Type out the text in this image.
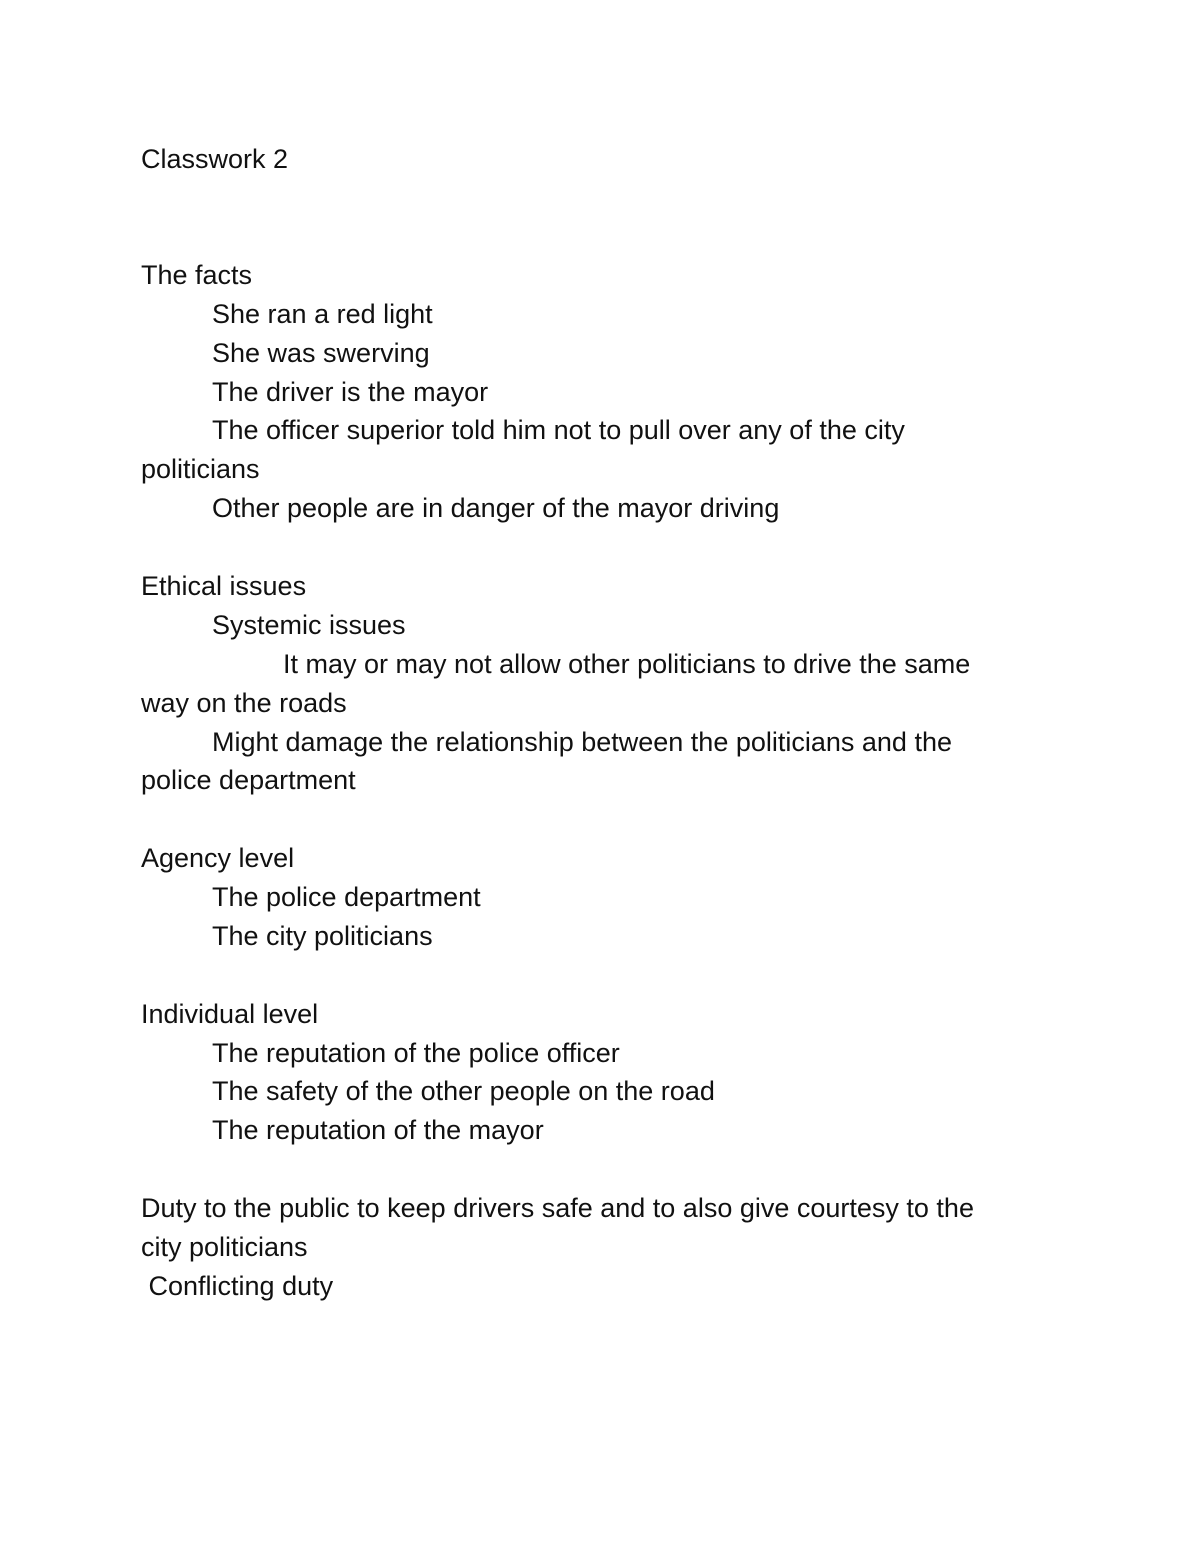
Classwork 2
The facts
She ran a red light
She was swerving
The driver is the mayor
The officer superior told him not to pull over any of the city
politicians
Other people are in danger of the mayor driving
Ethical issues
Systemic issues
It may or may not allow other politicians to drive the same
way on the roads
Might damage the relationship between the politicians and the
police department
Agency level
The police department
The city politicians
Individual level
The reputation of the police officer
The safety of the other people on the road
The reputation of the mayor
Duty to the public to keep drivers safe and to also give courtesy to the
city politicians
Conflicting duty
